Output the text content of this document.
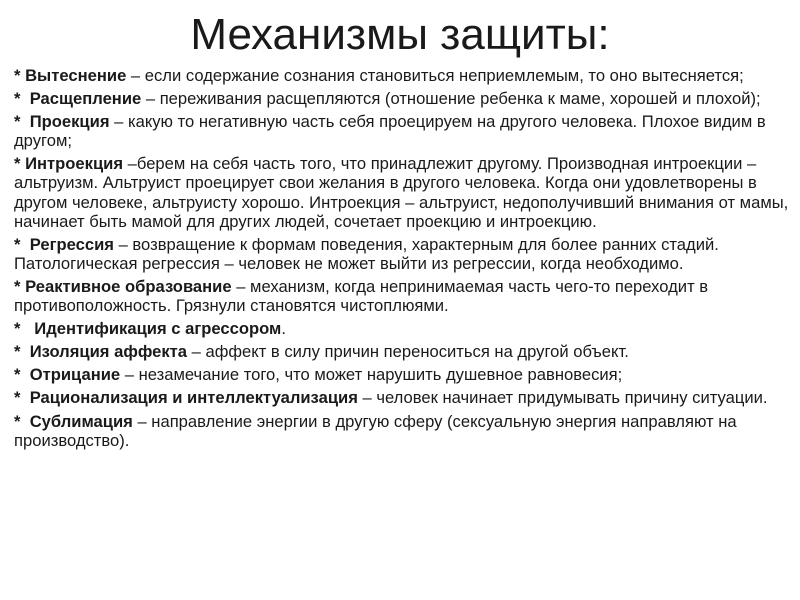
Механизмы защиты:
* Вытеснение – если содержание сознания становиться неприемлемым, то оно вытесняется;
*  Расщепление – переживания расщепляются (отношение ребенка к маме, хорошей и плохой);
*  Проекция – какую то негативную часть себя проецируем на другого человека. Плохое видим в другом;
* Интроекция –берем на себя часть того, что принадлежит другому. Производная интроекции – альтруизм. Альтруист проецирует свои желания в другого человека. Когда они удовлетворены в другом человеке, альтруисту хорошо. Интроекция – альтруист, недополучивший внимания от мамы, начинает быть мамой для других людей, сочетает проекцию и интроекцию.
*  Регрессия – возвращение к формам поведения, характерным для более ранних стадий. Патологическая регрессия – человек не может выйти из регрессии, когда необходимо.
* Реактивное образование – механизм, когда непринимаемая часть чего-то переходит в противоположность. Грязнули становятся чистоплюями.
*   Идентификация с агрессором.
*  Изоляция аффекта – аффект в силу причин переноситься на другой объект.
*  Отрицание – незамечание того, что может нарушить душевное равновесия;
*  Рационализация и интеллектуализация – человек начинает придумывать причину ситуации.
*  Сублимация – направление энергии в другую сферу (сексуальную энергия направляют на производство).
